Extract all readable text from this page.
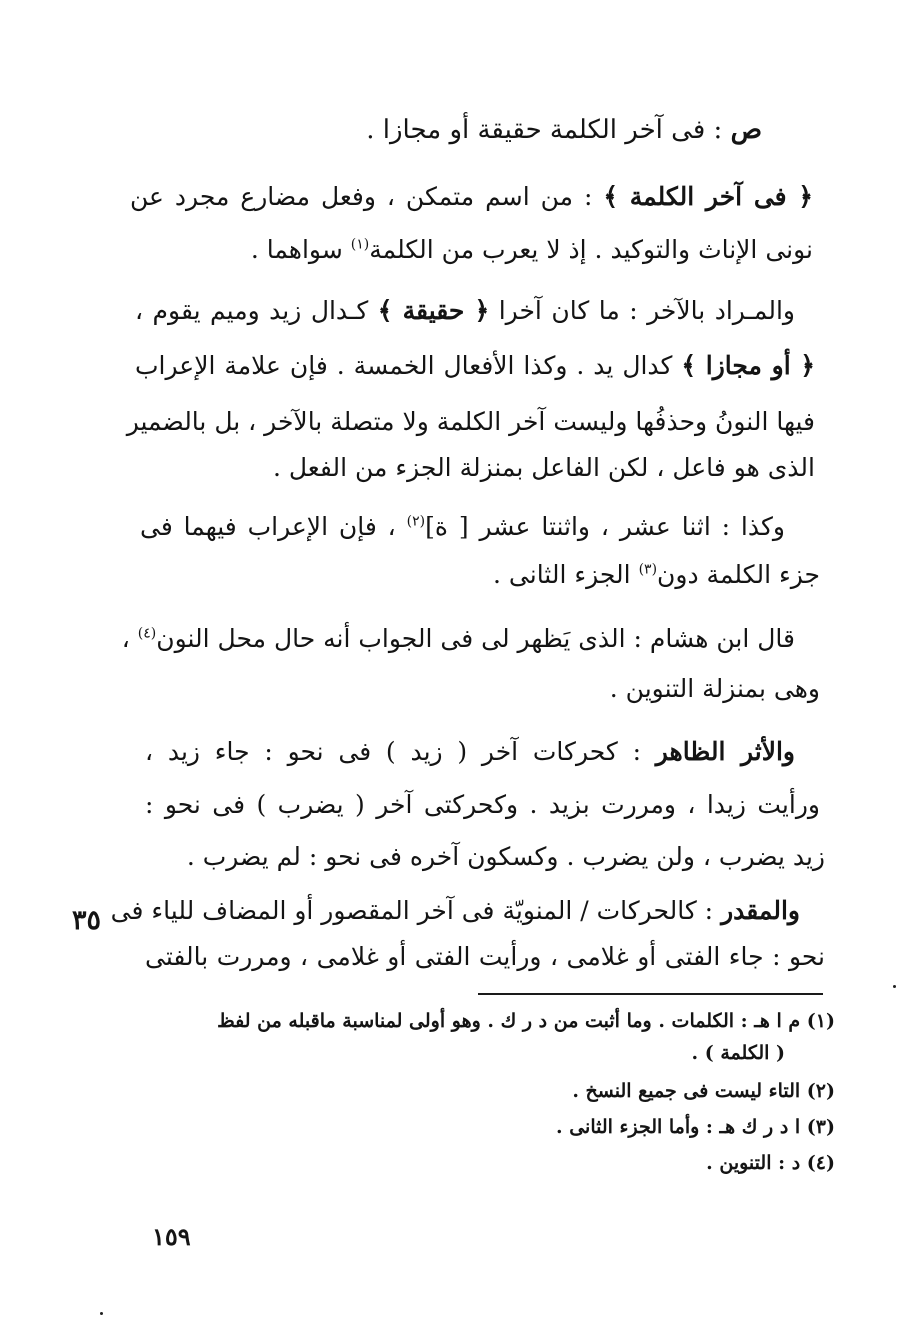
ص : فى آخر الكلمة حقيقة أو مجازا .
﴿ فى آخر الكلمة ﴾ : من اسم متمكن ، وفعل مضارع مجرد عن
نونى الإناث والتوكيد . إذ لا يعرب من الكلمة$^{(١)}$ سواهما .
والمـراد بالآخر : ما كان آخرا ﴿ حقيقة ﴾ كـدال زيد وميم يقوم ،
﴿ أو مجازا ﴾ كدال يد . وكذا الأفعال الخمسة . فإن علامة الإعراب
فيها النونُ وحذفُها وليست آخر الكلمة ولا متصلة بالآخر ، بل بالضمير
الذى هو فاعل ، لكن الفاعل بمنزلة الجزء من الفعل .
وكذا : اثنا عشر ، واثنتا عشر [ ة]$^{(٢)}$ ، فإن الإعراب فيهما فى
جزء الكلمة دون$^{(٣)}$ الجزء الثانى .
قال ابن هشام : الذى يَظهر لى فى الجواب أنه حال محل النون$^{(٤)}$ ،
وهى بمنزلة التنوين .
والأثر الظاهر : كحركات آخر ( زيد ) فى نحو : جاء زيد ،
ورأيت زيدا ، ومررت بزيد . وكحركتى آخر ( يضرب ) فى نحو :
زيد يضرب ، ولن يضرب . وكسكون آخره فى نحو : لم يضرب .
والمقدر : كالحركات / المنويّة فى آخر المقصور أو المضاف للياء فى
نحو : جاء الفتى أو غلامى ، ورأيت الفتى أو غلامى ، ومررت بالفتى
٣٥
(١) م ا هـ : الكلمات . وما أثبت من د ر ك . وهو أولى لمناسبة ماقبله من لفظ
( الكلمة ) .
(٢) التاء ليست فى جميع النسخ .
(٣) ا د ر ك هـ : وأما الجزء الثانى .
(٤) د : التنوين .
١٥٩
